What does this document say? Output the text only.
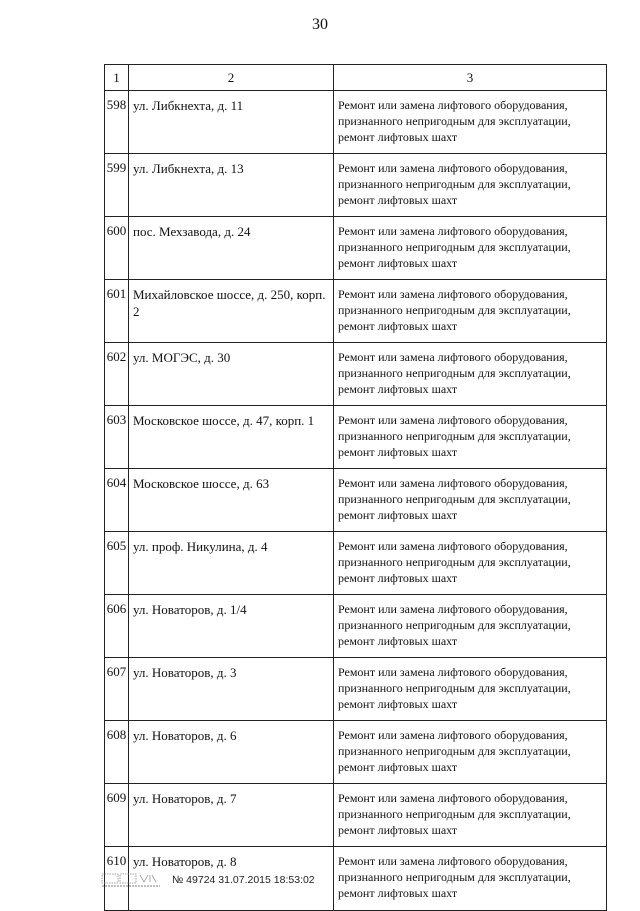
30
1	2	3
598	ул. Либкнехта, д. 11	Ремонт или замена лифтового оборудования, признанного непригодным для эксплуатации, ремонт лифтовых шахт
599	ул. Либкнехта, д. 13	Ремонт или замена лифтового оборудования, признанного непригодным для эксплуатации, ремонт лифтовых шахт
600	пос. Мехзавода, д. 24	Ремонт или замена лифтового оборудования, признанного непригодным для эксплуатации, ремонт лифтовых шахт
601	Михайловское шоссе, д. 250, корп. 2	Ремонт или замена лифтового оборудования, признанного непригодным для эксплуатации, ремонт лифтовых шахт
602	ул. МОГЭС, д. 30	Ремонт или замена лифтового оборудования, признанного непригодным для эксплуатации, ремонт лифтовых шахт
603	Московское шоссе, д. 47, корп. 1	Ремонт или замена лифтового оборудования, признанного непригодным для эксплуатации, ремонт лифтовых шахт
604	Московское шоссе, д. 63	Ремонт или замена лифтового оборудования, признанного непригодным для эксплуатации, ремонт лифтовых шахт
605	ул. проф. Никулина, д. 4	Ремонт или замена лифтового оборудования, признанного непригодным для эксплуатации, ремонт лифтовых шахт
606	ул. Новаторов, д. 1/4	Ремонт или замена лифтового оборудования, признанного непригодным для эксплуатации, ремонт лифтовых шахт
607	ул. Новаторов, д. 3	Ремонт или замена лифтового оборудования, признанного непригодным для эксплуатации, ремонт лифтовых шахт
608	ул. Новаторов, д. 6	Ремонт или замена лифтового оборудования, признанного непригодным для эксплуатации, ремонт лифтовых шахт
609	ул. Новаторов, д. 7	Ремонт или замена лифтового оборудования, признанного непригодным для эксплуатации, ремонт лифтовых шахт
610	ул. Новаторов, д. 8	Ремонт или замена лифтового оборудования, признанного непригодным для эксплуатации, ремонт лифтовых шахт
№ 49724 31.07.2015 18:53:02
